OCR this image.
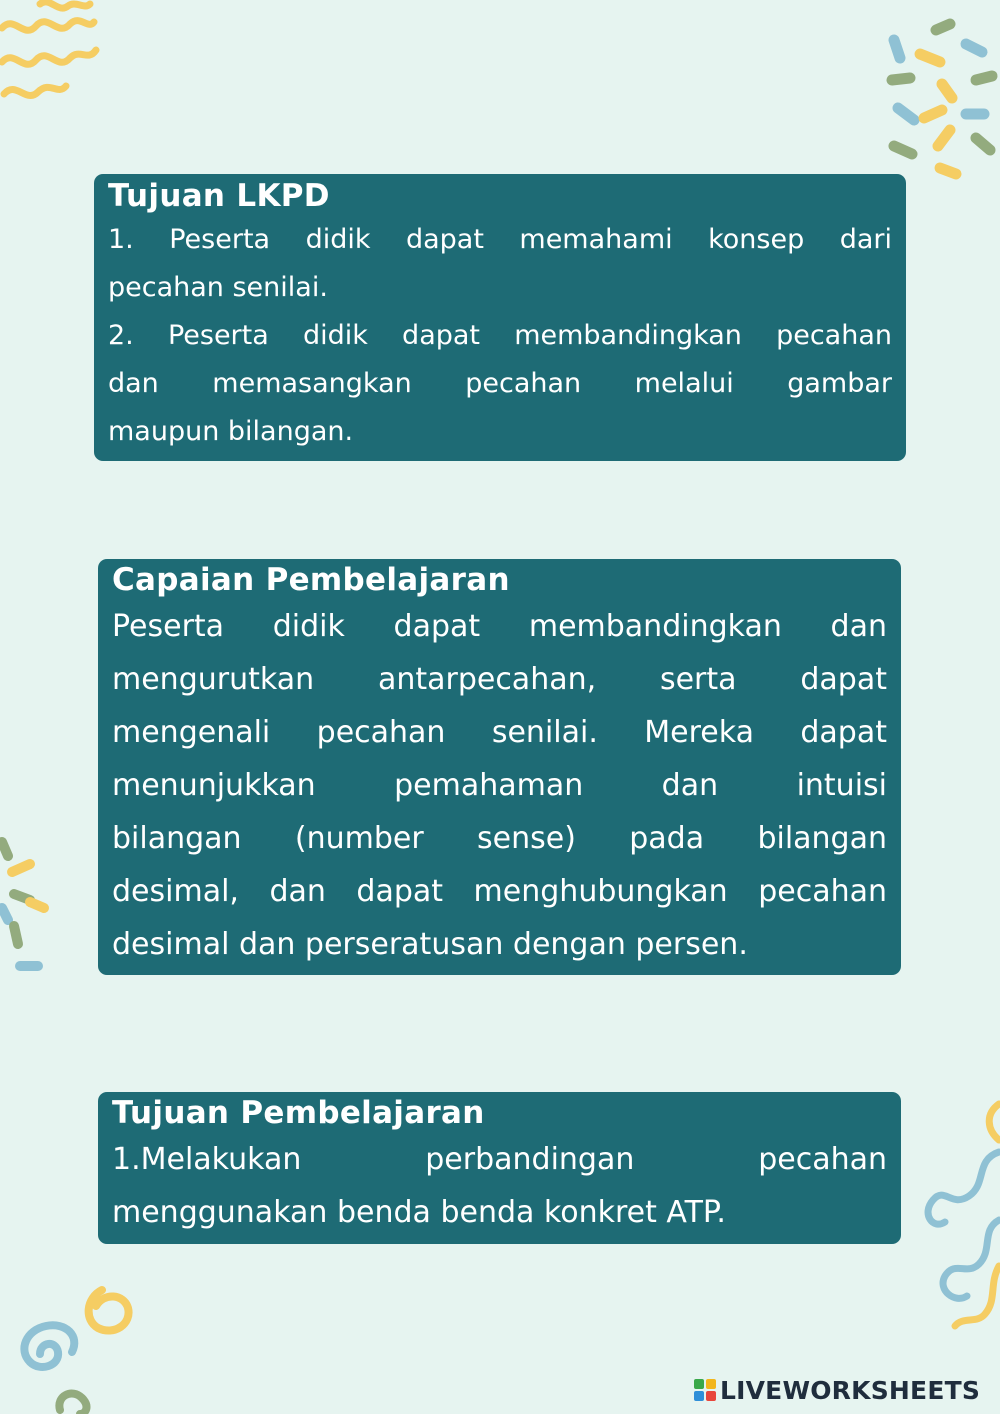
Tujuan LKPD
1. Peserta didik dapat memahami konsep dari
pecahan senilai.
2. Peserta didik dapat membandingkan pecahan
dan memasangkan pecahan melalui gambar
maupun bilangan.
Capaian Pembelajaran
Peserta didik dapat membandingkan dan
mengurutkan antarpecahan, serta dapat
mengenali pecahan senilai. Mereka dapat
menunjukkan pemahaman dan intuisi
bilangan (number sense) pada bilangan
desimal, dan dapat menghubungkan pecahan
desimal dan perseratusan dengan persen.
Tujuan Pembelajaran
1.Melakukan perbandingan pecahan
menggunakan benda benda konkret ATP.
LIVEWORKSHEETS
